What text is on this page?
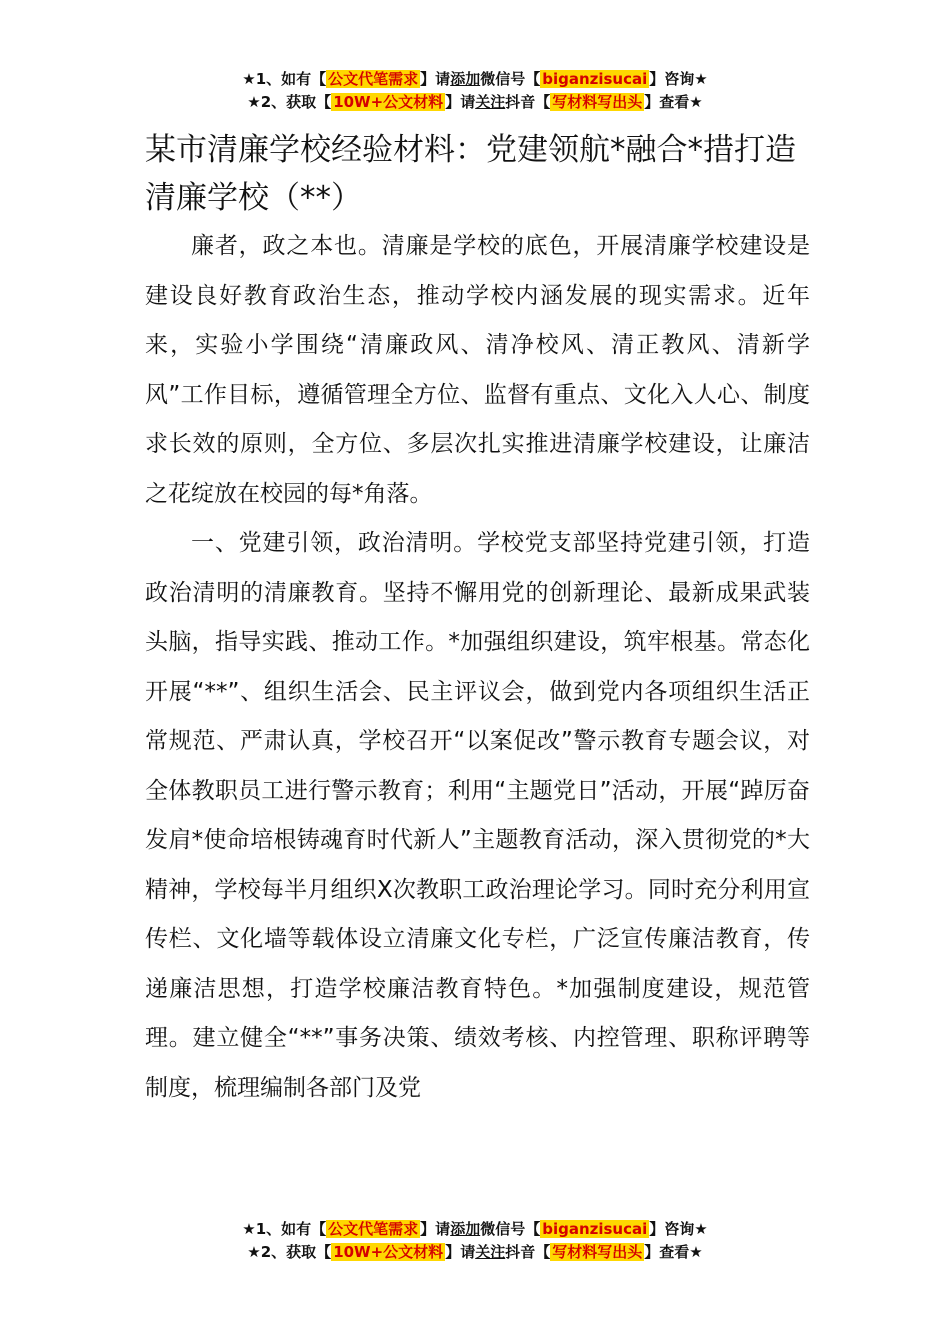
★1、如有【 公文代笔需求 】请添加微信号【 biganzisucai 】咨询★
★2、获取【 10W+公文材料 】请关注抖音【 写材料写出头 】查看★
某市清廉学校经验材料：党建领航*融合*措打造清廉学校（**）

廉者，政之本也。清廉是学校的底色，开展清廉学校建设是建设良好教育政治生态，推动学校内涵发展的现实需求。近年来，实验小学围绕“清廉政风、清净校风、清正教风、清新学风”工作目标，遵循管理全方位、监督有重点、文化入人心、制度求长效的原则，全方位、多层次扎实推进清廉学校建设，让廉洁之花绽放在校园的每*角落。

一、党建引领，政治清明。学校党支部坚持党建引领，打造政治清明的清廉教育。坚持不懈用党的创新理论、最新成果武装头脑，指导实践、推动工作。*加强组织建设，筑牢根基。常态化开展“**”、组织生活会、民主评议会，做到党内各项组织生活正常规范、严肃认真，学校召开“以案促改”警示教育专题会议，对全体教职员工进行警示教育；利用“主题党日”活动，开展“踔厉奋发肩*使命培根铸魂育时代新人”主题教育活动，深入贯彻党的*大精神，学校每半月组织X次教职工政治理论学习。同时充分利用宣传栏、文化墙等载体设立清廉文化专栏，广泛宣传廉洁教育，传递廉洁思想，打造学校廉洁教育特色。*加强制度建设，规范管理。建立健全“**”事务决策、绩效考核、内控管理、职称评聘等制度，梳理编制各部门及党

★1、如有【 公文代笔需求 】请添加微信号【 biganzisucai 】咨询★
★2、获取【 10W+公文材料 】请关注抖音【 写材料写出头 】查看★
